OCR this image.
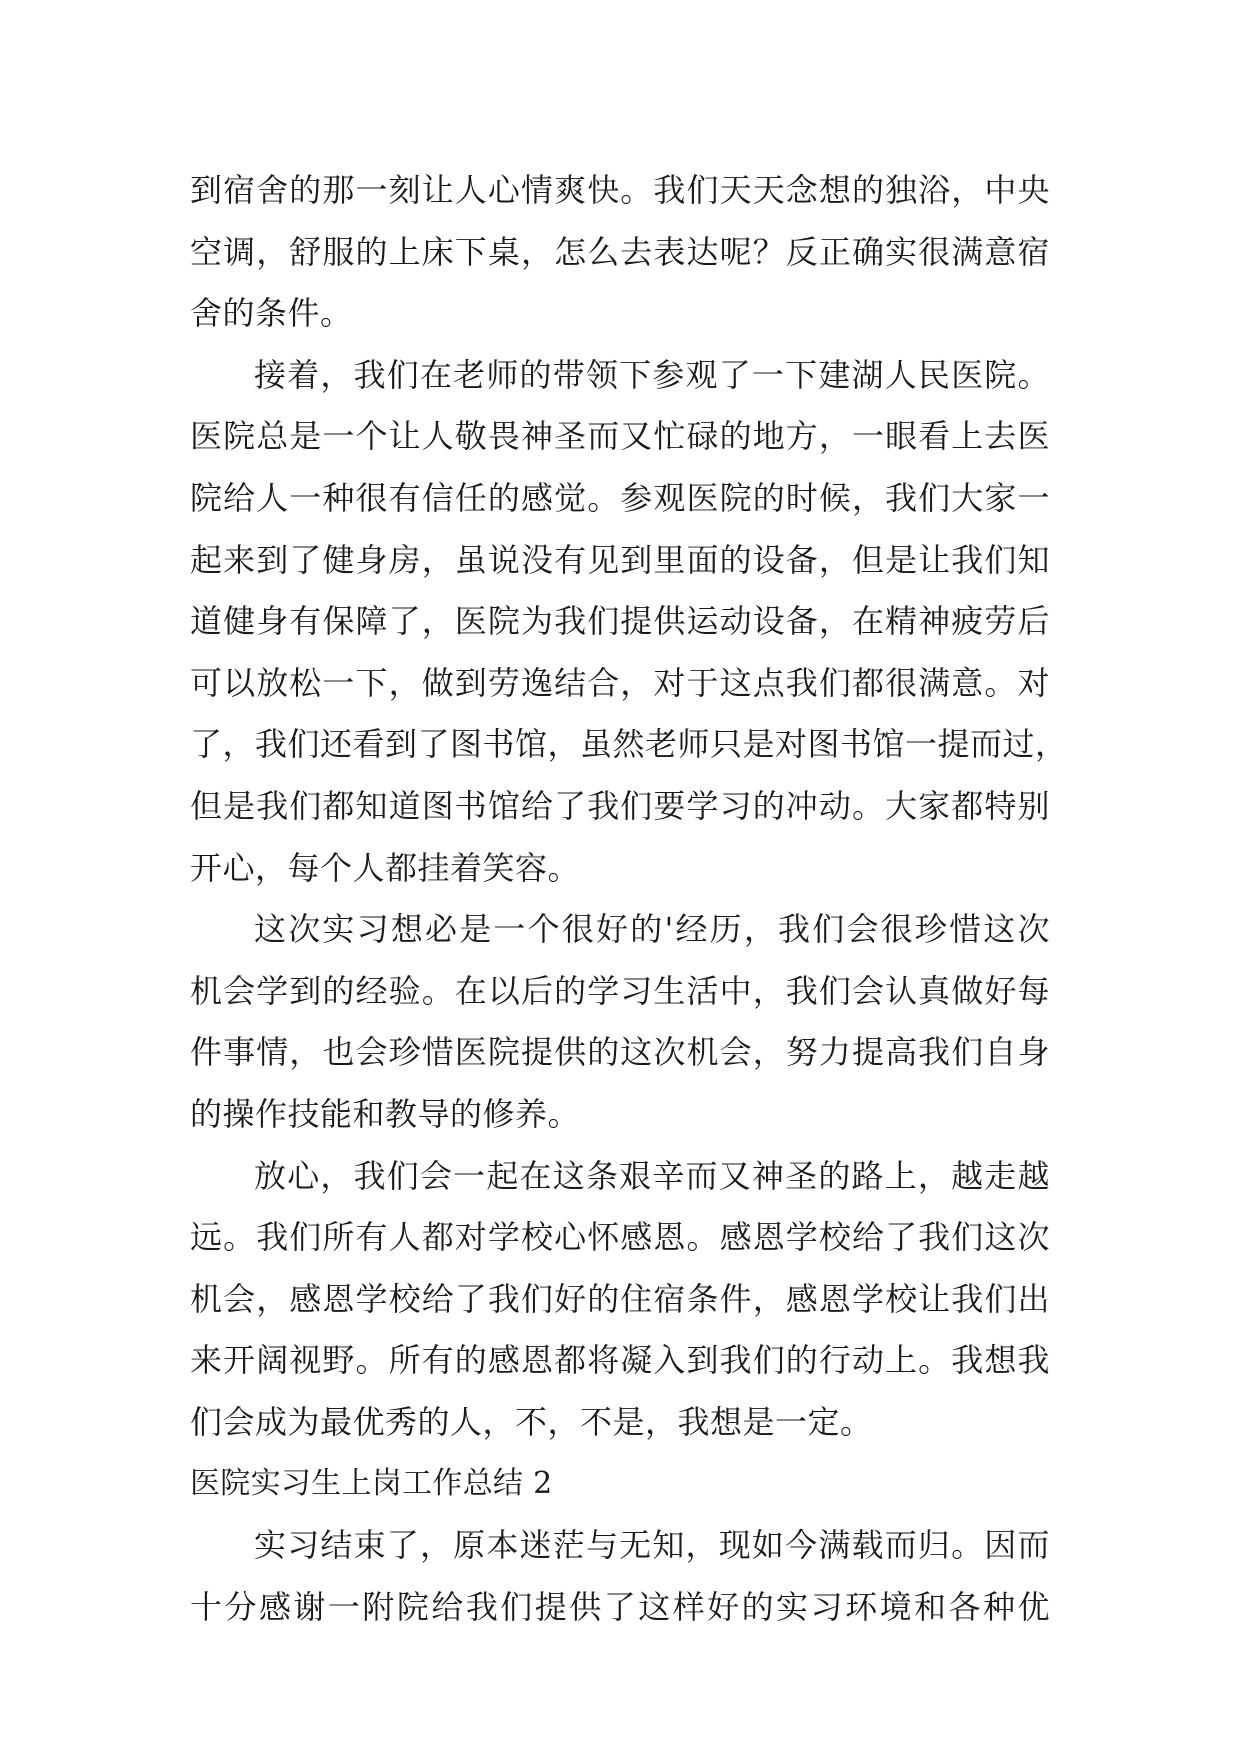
到宿舍的那一刻让人心情爽快。我们天天念想的独浴，中央
空调，舒服的上床下桌，怎么去表达呢？反正确实很满意宿
舍的条件。
接着，我们在老师的带领下参观了一下建湖人民医院。
医院总是一个让人敬畏神圣而又忙碌的地方，一眼看上去医
院给人一种很有信任的感觉。参观医院的时候，我们大家一
起来到了健身房，虽说没有见到里面的设备，但是让我们知
道健身有保障了，医院为我们提供运动设备，在精神疲劳后
可以放松一下，做到劳逸结合，对于这点我们都很满意。对
了，我们还看到了图书馆，虽然老师只是对图书馆一提而过，
但是我们都知道图书馆给了我们要学习的冲动。大家都特别
开心，每个人都挂着笑容。
这次实习想必是一个很好的'经历，我们会很珍惜这次
机会学到的经验。在以后的学习生活中，我们会认真做好每
件事情，也会珍惜医院提供的这次机会，努力提高我们自身
的操作技能和教导的修养。
放心，我们会一起在这条艰辛而又神圣的路上，越走越
远。我们所有人都对学校心怀感恩。感恩学校给了我们这次
机会，感恩学校给了我们好的住宿条件，感恩学校让我们出
来开阔视野。所有的感恩都将凝入到我们的行动上。我想我
们会成为最优秀的人，不，不是，我想是一定。
医院实习生上岗工作总结 2
实习结束了，原本迷茫与无知，现如今满载而归。因而
十分感谢一附院给我们提供了这样好的实习环境和各种优
